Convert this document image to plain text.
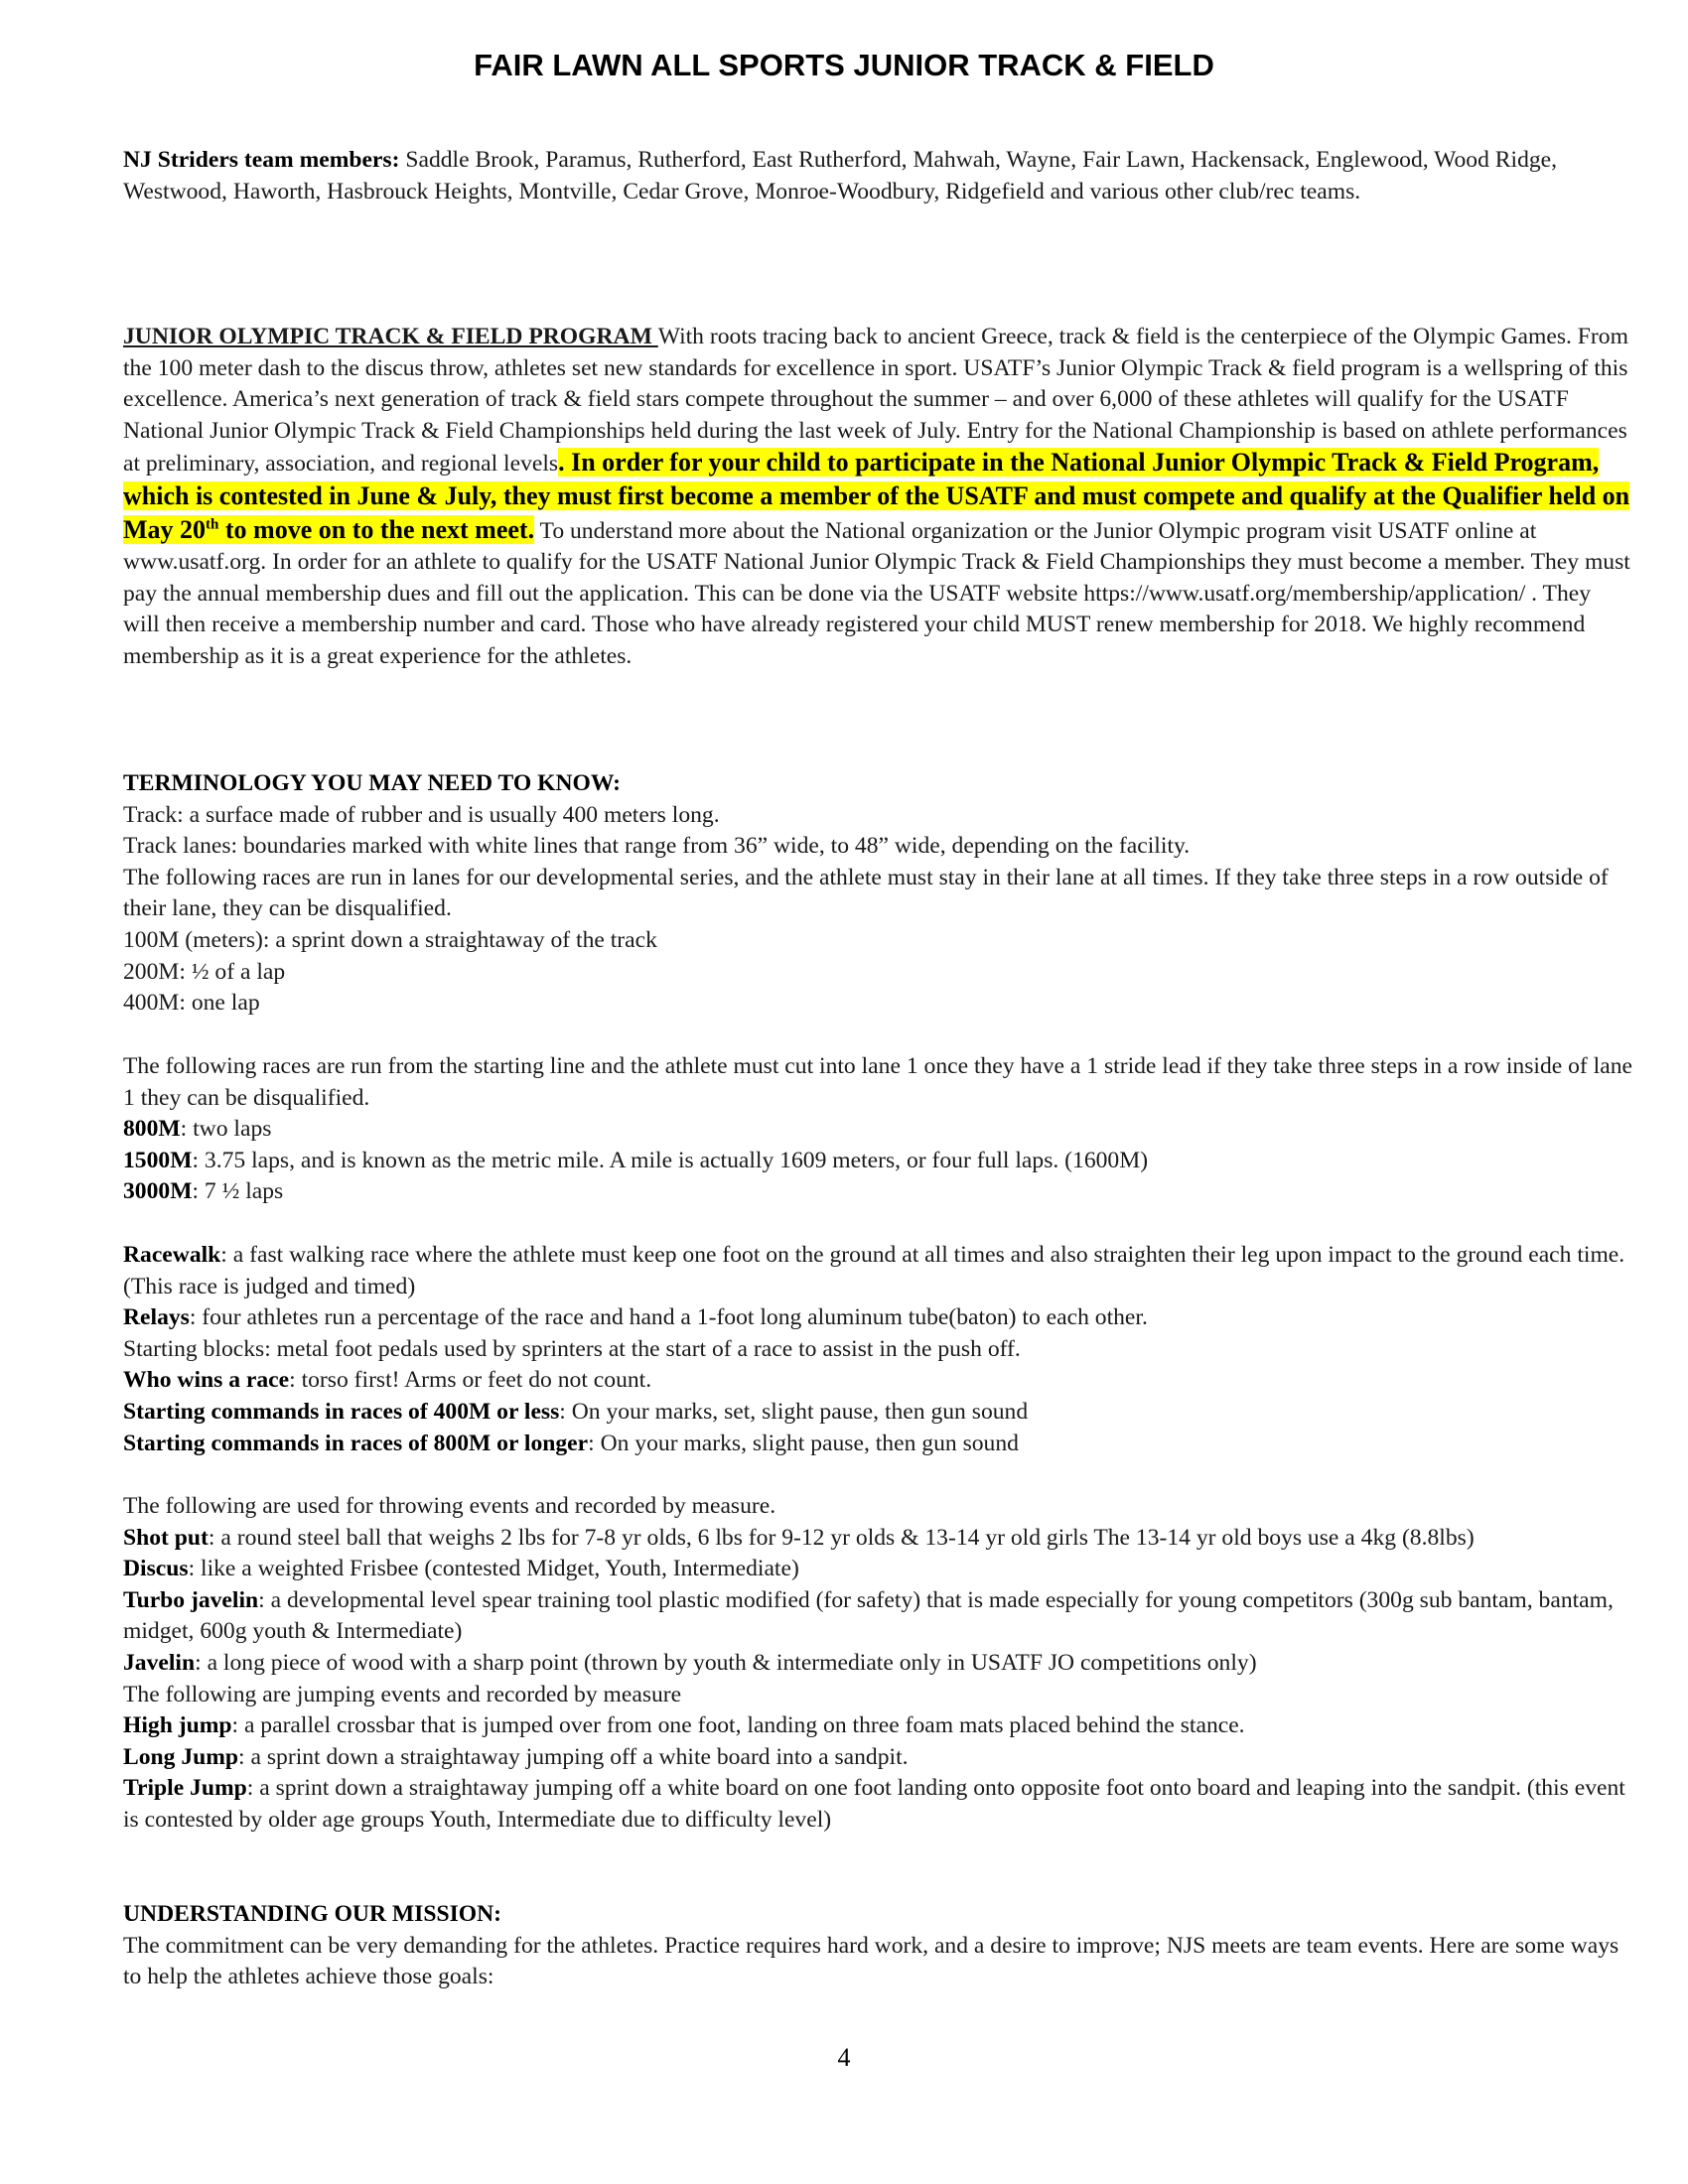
FAIR LAWN ALL SPORTS JUNIOR TRACK & FIELD

NJ Striders team members: Saddle Brook, Paramus, Rutherford, East Rutherford, Mahwah, Wayne, Fair Lawn, Hackensack, Englewood, Wood Ridge, Westwood, Haworth, Hasbrouck Heights, Montville, Cedar Grove, Monroe-Woodbury, Ridgefield and various other club/rec teams.

JUNIOR OLYMPIC TRACK & FIELD PROGRAM With roots tracing back to ancient Greece, track & field is the centerpiece of the Olympic Games. From the 100 meter dash to the discus throw, athletes set new standards for excellence in sport. USATF’s Junior Olympic Track & field program is a wellspring of this excellence. America’s next generation of track & field stars compete throughout the summer – and over 6,000 of these athletes will qualify for the USATF National Junior Olympic Track & Field Championships held during the last week of July. Entry for the National Championship is based on athlete performances at preliminary, association, and regional levels. In order for your child to participate in the National Junior Olympic Track & Field Program, which is contested in June & July, they must first become a member of the USATF and must compete and qualify at the Qualifier held on May 20th to move on to the next meet. To understand more about the National organization or the Junior Olympic program visit USATF online at www.usatf.org. In order for an athlete to qualify for the USATF National Junior Olympic Track & Field Championships they must become a member. They must pay the annual membership dues and fill out the application. This can be done via the USATF website https://www.usatf.org/membership/application/ . They will then receive a membership number and card. Those who have already registered your child MUST renew membership for 2018. We highly recommend membership as it is a great experience for the athletes.

TERMINOLOGY YOU MAY NEED TO KNOW:

Track: a surface made of rubber and is usually 400 meters long.

Track lanes: boundaries marked with white lines that range from 36” wide, to 48” wide, depending on the facility.

The following races are run in lanes for our developmental series, and the athlete must stay in their lane at all times. If they take three steps in a row outside of their lane, they can be disqualified.

100M (meters): a sprint down a straightaway of the track

200M: ½ of a lap

400M: one lap

The following races are run from the starting line and the athlete must cut into lane 1 once they have a 1 stride lead if they take three steps in a row inside of lane 1 they can be disqualified.

800M: two laps

1500M: 3.75 laps, and is known as the metric mile. A mile is actually 1609 meters, or four full laps. (1600M)

3000M: 7 ½ laps

Racewalk: a fast walking race where the athlete must keep one foot on the ground at all times and also straighten their leg upon impact to the ground each time. (This race is judged and timed)

Relays: four athletes run a percentage of the race and hand a 1-foot long aluminum tube(baton) to each other.

Starting blocks: metal foot pedals used by sprinters at the start of a race to assist in the push off.

Who wins a race: torso first! Arms or feet do not count.

Starting commands in races of 400M or less: On your marks, set, slight pause, then gun sound

Starting commands in races of 800M or longer: On your marks, slight pause, then gun sound

The following are used for throwing events and recorded by measure.

Shot put: a round steel ball that weighs 2 lbs for 7-8 yr olds, 6 lbs for 9-12 yr olds & 13-14 yr old girls The 13-14 yr old boys use a 4kg (8.8lbs)

Discus: like a weighted Frisbee (contested Midget, Youth, Intermediate)

Turbo javelin: a developmental level spear training tool plastic modified (for safety) that is made especially for young competitors (300g sub bantam, bantam, midget, 600g youth & Intermediate)

Javelin: a long piece of wood with a sharp point (thrown by youth & intermediate only in USATF JO competitions only)

The following are jumping events and recorded by measure

High jump: a parallel crossbar that is jumped over from one foot, landing on three foam mats placed behind the stance.

Long Jump: a sprint down a straightaway jumping off a white board into a sandpit.

Triple Jump: a sprint down a straightaway jumping off a white board on one foot landing onto opposite foot onto board and leaping into the sandpit. (this event is contested by older age groups Youth, Intermediate due to difficulty level)

UNDERSTANDING OUR MISSION:

The commitment can be very demanding for the athletes. Practice requires hard work, and a desire to improve; NJS meets are team events. Here are some ways to help the athletes achieve those goals:

4
